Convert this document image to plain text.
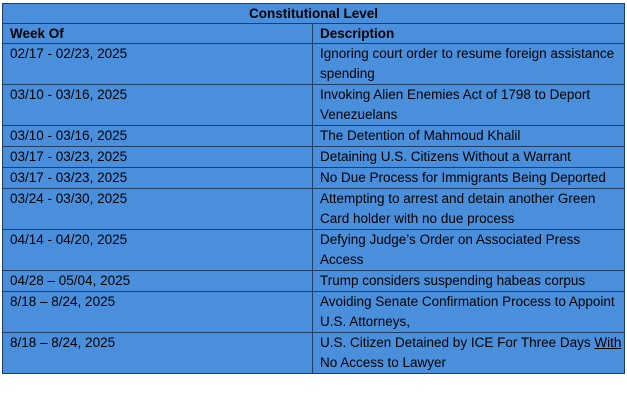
Constitutional Level	
Week Of	Description
02/17 - 02/23, 2025	Ignoring court order to resume foreign assistance spending
03/10 - 03/16, 2025	Invoking Alien Enemies Act of 1798 to Deport Venezuelans
03/10 - 03/16, 2025	The Detention of Mahmoud Khalil
03/17 - 03/23, 2025	Detaining U.S. Citizens Without a Warrant
03/17 - 03/23, 2025	No Due Process for Immigrants Being Deported
03/24 - 03/30, 2025	Attempting to arrest and detain another Green Card holder with no due process
04/14 - 04/20, 2025	Defying Judge’s Order on Associated Press Access
04/28 – 05/04, 2025	Trump considers suspending habeas corpus
8/18 – 8/24, 2025	Avoiding Senate Confirmation Process to Appoint U.S. Attorneys,
8/18 – 8/24, 2025	U.S. Citizen Detained by ICE For Three Days With No Access to Lawyer
